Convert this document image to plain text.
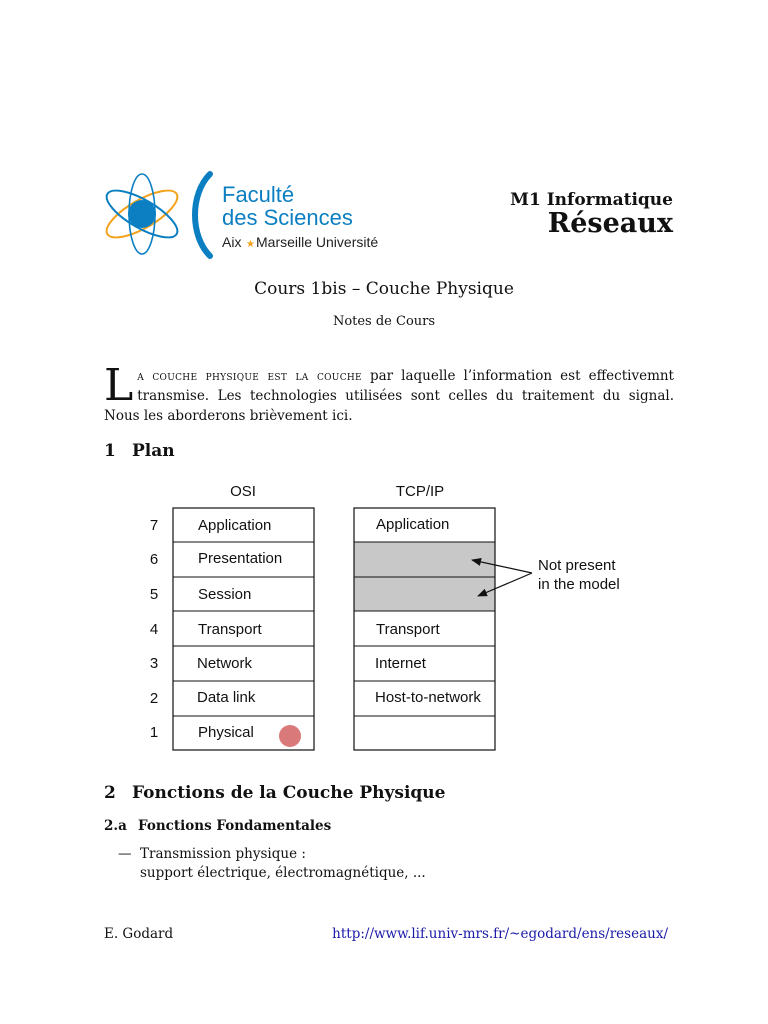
Faculté
des Sciences
Aix ★ Marseille Université
M1 Informatique
Réseaux
Cours 1bis – Couche Physique
Notes de Cours
La couche physique est la couche par laquelle l’information est effectivemnt transmise. Les technologies utilisées sont celles du traitement du signal. Nous les aborderons brièvement ici.
1 Plan
OSI	TCP/IP
7
6
5
4
3
2
1
Application
Presentation
Session
Transport
Network
Data link
Physical
Application
Transport
Internet
Host-to-network
Not present
in the model
2 Fonctions de la Couche Physique
2.a Fonctions Fondamentales
— Transmission physique :
support électrique, électromagnétique, ...
E. Godard	http://www.lif.univ-mrs.fr/~egodard/ens/reseaux/
